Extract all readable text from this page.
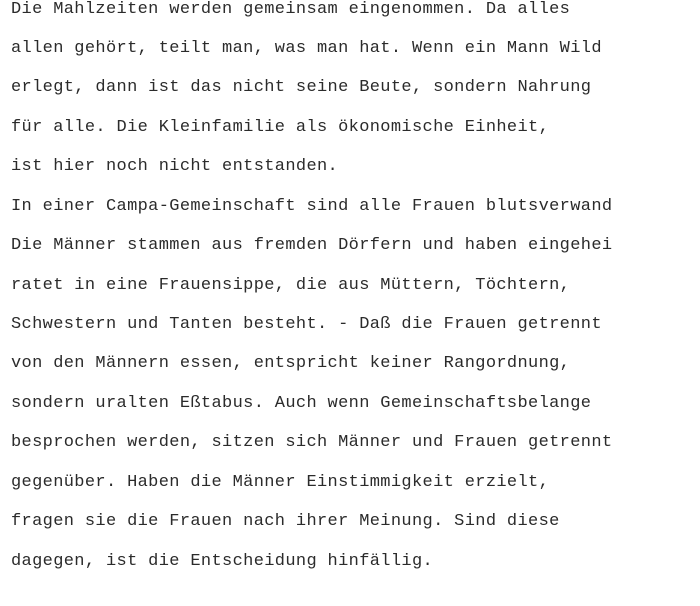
Die Mahlzeiten werden gemeinsam eingenommen. Da alles
allen gehört, teilt man, was man hat. Wenn ein Mann Wild
erlegt, dann ist das nicht seine Beute, sondern Nahrung
für alle. Die Kleinfamilie als ökonomische Einheit,
ist hier noch nicht entstanden.
In einer Campa-Gemeinschaft sind alle Frauen blutsverwand
Die Männer stammen aus fremden Dörfern und haben eingehei
ratet in eine Frauensippe, die aus Müttern, Töchtern,
Schwestern und Tanten besteht. - Daß die Frauen getrennt
von den Männern essen, entspricht keiner Rangordnung,
sondern uralten Eßtabus. Auch wenn Gemeinschaftsbelange
besprochen werden, sitzen sich Männer und Frauen getrennt
gegenüber. Haben die Männer Einstimmigkeit erzielt,
fragen sie die Frauen nach ihrer Meinung. Sind diese
dagegen, ist die Entscheidung hinfällig.
